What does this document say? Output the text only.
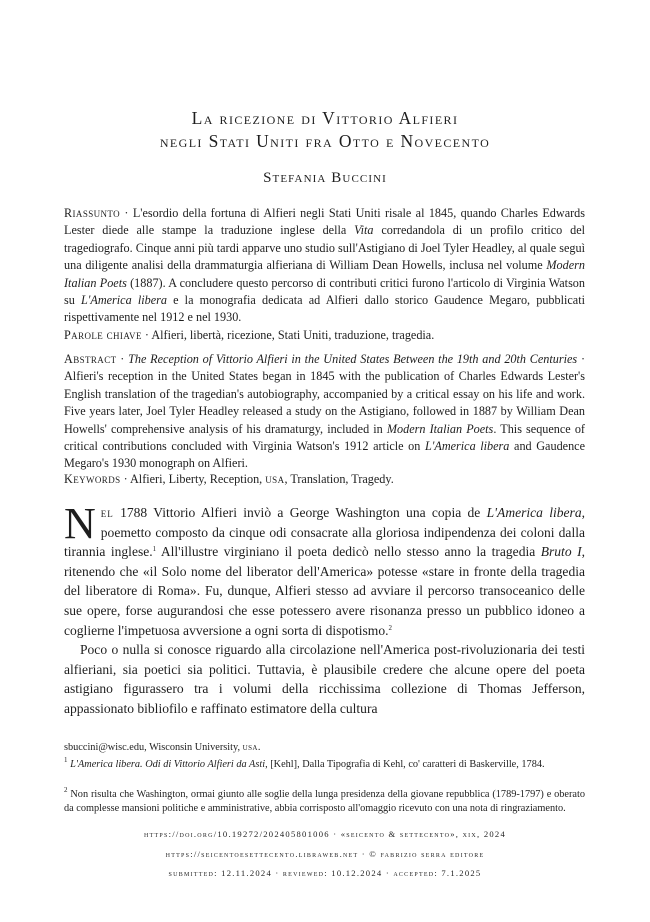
La ricezione di Vittorio Alfieri
negli Stati Uniti fra Otto e Novecento
Stefania Buccini

Riassunto · L'esordio della fortuna di Alfieri negli Stati Uniti risale al 1845, quando Charles Edwards Lester diede alle stampe la traduzione inglese della Vita corredandola di un profilo critico del tragediografo. Cinque anni più tardi apparve uno studio sull'Astigiano di Joel Tyler Headley, al quale seguì una diligente analisi della drammaturgia alfieriana di William Dean Howells, inclusa nel volume Modern Italian Poets (1887). A concludere questo percorso di contributi critici furono l'articolo di Virginia Watson su L'America libera e la monografia dedicata ad Alfieri dallo storico Gaudence Megaro, pubblicati rispettivamente nel 1912 e nel 1930.

Parole chiave · Alfieri, libertà, ricezione, Stati Uniti, traduzione, tragedia.

Abstract · The Reception of Vittorio Alfieri in the United States Between the 19th and 20th Centuries · Alfieri's reception in the United States began in 1845 with the publication of Charles Edwards Lester's English translation of the tragedian's autobiography, accompanied by a critical essay on his life and work. Five years later, Joel Tyler Headley released a study on the Astigiano, followed in 1887 by William Dean Howells' comprehensive analysis of his dramaturgy, included in Modern Italian Poets. This sequence of critical contributions concluded with Virginia Watson's 1912 article on L'America libera and Gaudence Megaro's 1930 monograph on Alfieri.

Keywords · Alfieri, Liberty, Reception, usa, Translation, Tragedy.

Nel 1788 Vittorio Alfieri inviò a George Washington una copia de L'America libera, poemetto composto da cinque odi consacrate alla gloriosa indipendenza dei coloni dalla tirannia inglese.$^1$ All'illustre virginiano il poeta dedicò nello stesso anno la tragedia Bruto I, ritenendo che «il Solo nome del liberator dell'America» potesse «stare in fronte della tragedia del liberatore di Roma». Fu, dunque, Alfieri stesso ad avviare il percorso transoceanico delle sue opere, forse augurandosi che esse potessero avere risonanza presso un pubblico idoneo a coglierne l'impetuosa avversione a ogni sorta di dispotismo.$^2$

Poco o nulla si conosce riguardo alla circolazione nell'America post-rivoluzionaria dei testi alfieriani, sia poetici sia politici. Tuttavia, è plausibile credere che alcune opere del poeta astigiano figurassero tra i volumi della ricchissima collezione di Thomas Jefferson, appassionato bibliofilo e raffinato estimatore della cultura

sbuccini@wisc.edu, Wisconsin University, usa.

$^1$ L'America libera. Odi di Vittorio Alfieri da Asti, [Kehl], Dalla Tipografia di Kehl, co' caratteri di Baskerville, 1784.

$^2$ Non risulta che Washington, ormai giunto alle soglie della lunga presidenza della giovane repubblica (1789-1797) e oberato da complesse mansioni politiche e amministrative, abbia corrisposto all'omaggio ricevuto con una nota di ringraziamento.

https://doi.org/10.19272/202405801006 · «seicento & settecento», xix, 2024
https://seicentoesettecento.libraweb.net · © fabrizio serra editore
submitted: 12.11.2024 · reviewed: 10.12.2024 · accepted: 7.1.2025
